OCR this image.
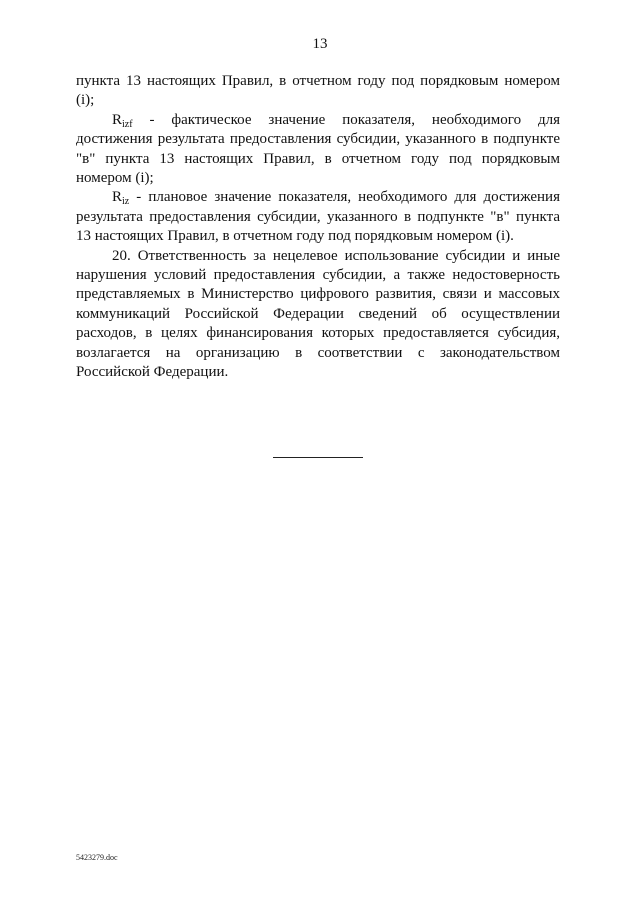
13

пункта 13 настоящих Правил, в отчетном году под порядковым номером (i);

$R_{izf}$ - фактическое значение показателя, необходимого для достижения результата предоставления субсидии, указанного в подпункте "в" пункта 13 настоящих Правил, в отчетном году под порядковым номером (i);

$R_{iz}$ - плановое значение показателя, необходимого для достижения результата предоставления субсидии, указанного в подпункте "в" пункта 13 настоящих Правил, в отчетном году под порядковым номером (i).

20. Ответственность за нецелевое использование субсидии и иные нарушения условий предоставления субсидии, а также недостоверность представляемых в Министерство цифрового развития, связи и массовых коммуникаций Российской Федерации сведений об осуществлении расходов, в целях финансирования которых предоставляется субсидия, возлагается на организацию в соответствии с законодательством Российской Федерации.

5423279.doc
